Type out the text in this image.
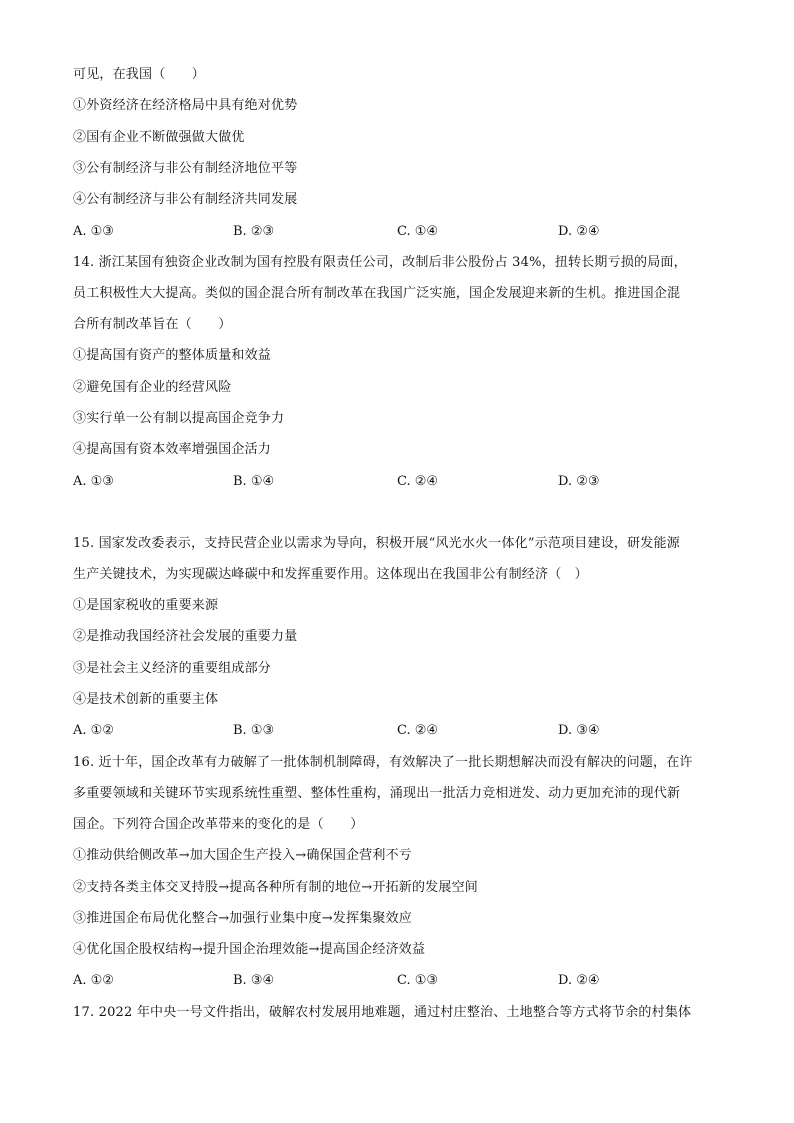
可见，在我国（　　）
①外资经济在经济格局中具有绝对优势
②国有企业不断做强做大做优
③公有制经济与非公有制经济地位平等
④公有制经济与非公有制经济共同发展
A. ①③	B. ②③	C. ①④	D. ②④
14. 浙江某国有独资企业改制为国有控股有限责任公司，改制后非公股份占 34%，扭转长期亏损的局面，
员工积极性大大提高。类似的国企混合所有制改革在我国广泛实施，国企发展迎来新的生机。推进国企混
合所有制改革旨在（　　）
①提高国有资产的整体质量和效益
②避免国有企业的经营风险
③实行单一公有制以提高国企竞争力
④提高国有资本效率增强国企活力
A. ①③	B. ①④	C. ②④	D. ②③
15. 国家发改委表示，支持民营企业以需求为导向，积极开展“风光水火一体化”示范项目建设，研发能源
生产关键技术，为实现碳达峰碳中和发挥重要作用。这体现出在我国非公有制经济（　）
①是国家税收的重要来源
②是推动我国经济社会发展的重要力量
③是社会主义经济的重要组成部分
④是技术创新的重要主体
A. ①②	B. ①③	C. ②④	D. ③④
16. 近十年，国企改革有力破解了一批体制机制障碍，有效解决了一批长期想解决而没有解决的问题，在许
多重要领域和关键环节实现系统性重塑、整体性重构，涌现出一批活力竞相迸发、动力更加充沛的现代新
国企。下列符合国企改革带来的变化的是（　　）
①推动供给侧改革→加大国企生产投入→确保国企营利不亏
②支持各类主体交叉持股→提高各种所有制的地位→开拓新的发展空间
③推进国企布局优化整合→加强行业集中度→发挥集聚效应
④优化国企股权结构→提升国企治理效能→提高国企经济效益
A. ①②	B. ③④	C. ①③	D. ②④
17. 2022 年中央一号文件指出，破解农村发展用地难题，通过村庄整治、土地整合等方式将节余的村集体
